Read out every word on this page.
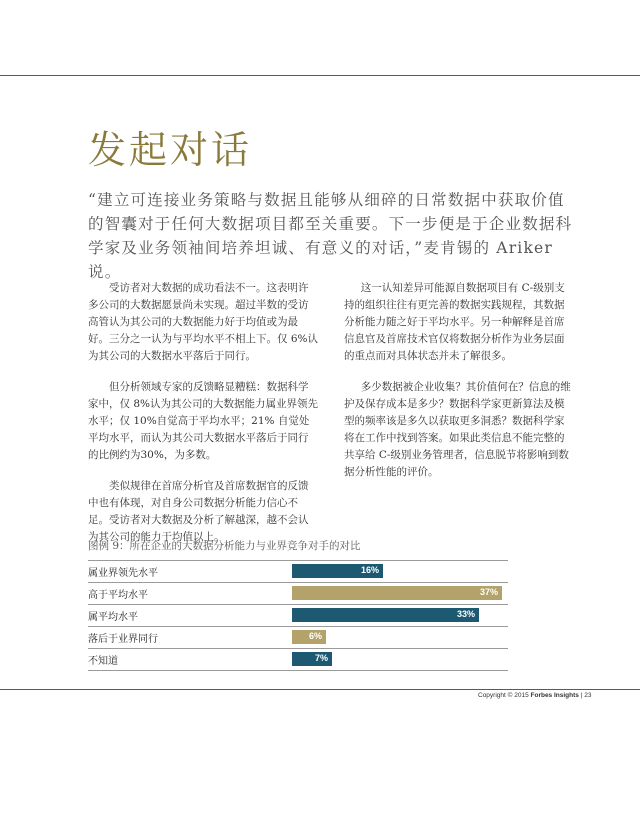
发起对话

“建立可连接业务策略与数据且能够从细碎的日常数据中获取价值的智囊对于任何大数据项目都至关重要。下一步便是于企业数据科学家及业务领袖间培养坦诚、有意义的对话，”麦肯锡的 Ariker 说。

受访者对大数据的成功看法不一。这表明许多公司的大数据愿景尚未实现。超过半数的受访高管认为其公司的大数据能力好于均值或为最好。三分之一认为与平均水平不相上下。仅 6%认为其公司的大数据水平落后于同行。

但分析领域专家的反馈略显糟糕：数据科学家中，仅 8%认为其公司的大数据能力属业界领先水平；仅 10%自觉高于平均水平；21% 自觉处平均水平，而认为其公司大数据水平落后于同行的比例约为30%，为多数。

类似规律在首席分析官及首席数据官的反馈中也有体现，对自身公司数据分析能力信心不足。受访者对大数据及分析了解越深，越不会认为其公司的能力于均值以上。

这一认知差异可能源自数据项目有 C-级别支持的组织往往有更完善的数据实践规程，其数据分析能力随之好于平均水平。另一种解释是首席信息官及首席技术官仅将数据分析作为业务层面的重点而对具体状态并未了解很多。

多少数据被企业收集？其价值何在？信息的维护及保存成本是多少？数据科学家更新算法及模型的频率该是多久以获取更多洞悉？数据科学家将在工作中找到答案。如果此类信息不能完整的共享给 C-级别业务管理者，信息脱节将影响到数据分析性能的评价。

图例 9：所在企业的大数据分析能力与业界竞争对手的对比

属业界领先水平	16%
高于平均水平	37%
属平均水平	33%
落后于业界同行	6%
不知道	7%
Copyright © 2015 Forbes Insights | 23
